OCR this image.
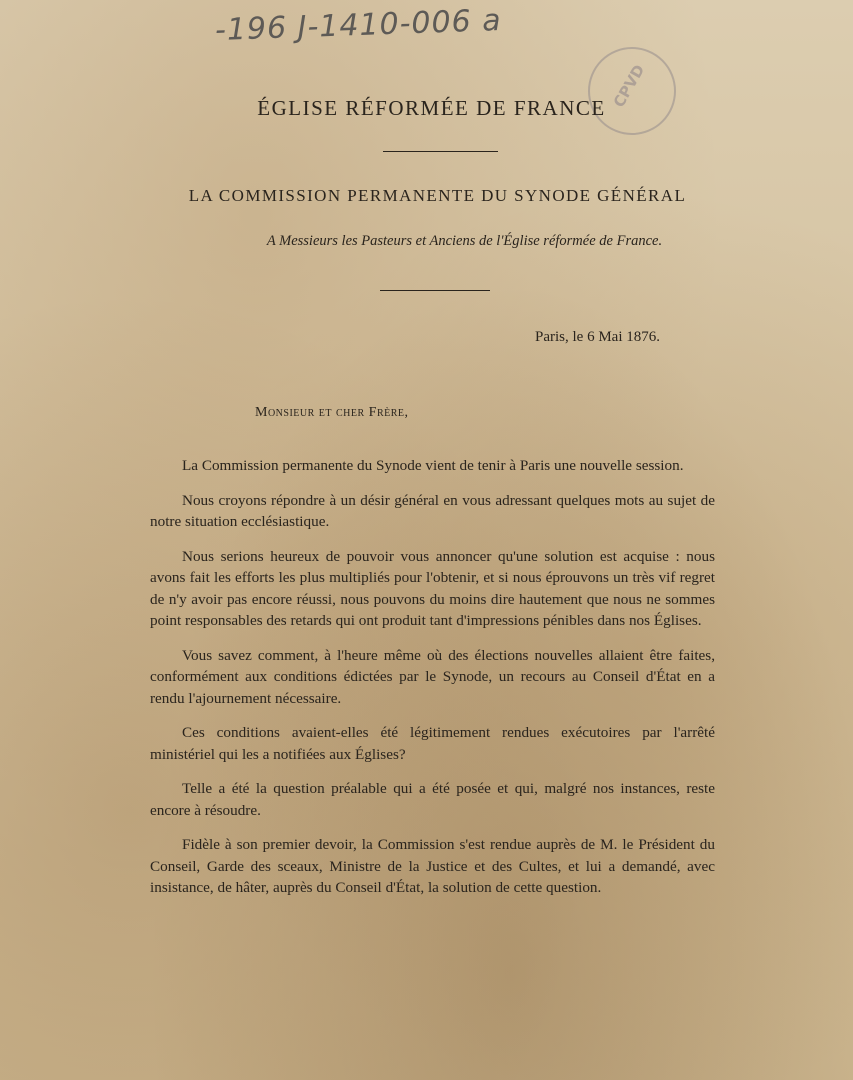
-196 J-1410-006 a
CPVD
ÉGLISE RÉFORMÉE DE FRANCE
LA COMMISSION PERMANENTE DU SYNODE GÉNÉRAL
A Messieurs les Pasteurs et Anciens de l'Église réformée de France.
Paris, le 6 Mai 1876.
Monsieur et cher Frère,

La Commission permanente du Synode vient de tenir à Paris une nouvelle session.

Nous croyons répondre à un désir général en vous adressant quelques mots au sujet de notre situation ecclésiastique.

Nous serions heureux de pouvoir vous annoncer qu'une solution est acquise : nous avons fait les efforts les plus multipliés pour l'obtenir, et si nous éprouvons un très vif regret de n'y avoir pas encore réussi, nous pouvons du moins dire hautement que nous ne sommes point responsables des retards qui ont produit tant d'impressions pénibles dans nos Églises.

Vous savez comment, à l'heure même où des élections nouvelles allaient être faites, conformément aux conditions édictées par le Synode, un recours au Conseil d'État en a rendu l'ajournement nécessaire.

Ces conditions avaient-elles été légitimement rendues exécutoires par l'arrêté ministériel qui les a notifiées aux Églises?

Telle a été la question préalable qui a été posée et qui, malgré nos instances, reste encore à résoudre.

Fidèle à son premier devoir, la Commission s'est rendue auprès de M. le Président du Conseil, Garde des sceaux, Ministre de la Justice et des Cultes, et lui a demandé, avec insistance, de hâter, auprès du Conseil d'État, la solution de cette question.
